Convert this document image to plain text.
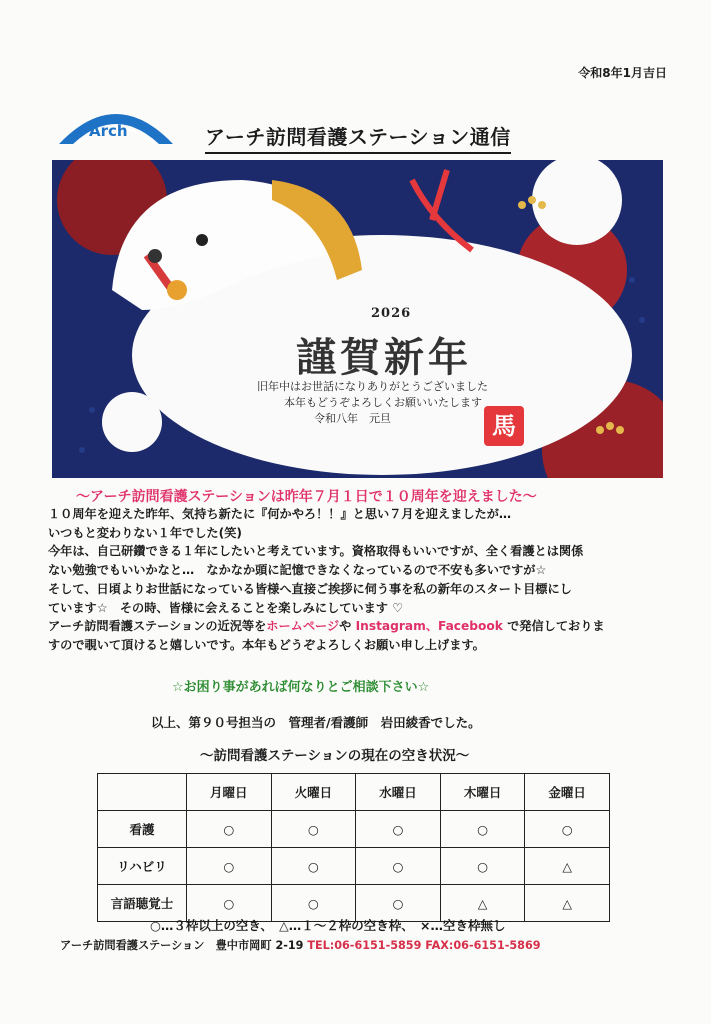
令和8年1月吉日
Arch	アーチ訪問看護ステーション通信
2026
謹賀新年
旧年中はお世話になりありがとうございました
本年もどうぞよろしくお願いいたします
令和八年　元旦	馬
～アーチ訪問看護ステーションは昨年７月１日で１０周年を迎えました～

１０周年を迎えた昨年、気持ち新たに『何かやろ！！』と思い７月を迎えましたが…

いつもと変わりない１年でした(笑)

今年は、自己研鑽できる１年にしたいと考えています。資格取得もいいですが、全く看護とは関係

ない勉強でもいいかなと…　なかなか頭に記憶できなくなっているので不安も多いですが☆

そして、日頃よりお世話になっている皆様へ直接ご挨拶に伺う事を私の新年のスタート目標にし

ています☆　その時、皆様に会えることを楽しみにしています ♡

アーチ訪問看護ステーションの近況等をホームページや Instagram、Facebook で発信しておりま

すので覗いて頂けると嬉しいです。本年もどうぞよろしくお願い申し上げます。

☆お困り事があれば何なりとご相談下さい☆
以上、第９０号担当の　管理者/看護師　岩田綾香でした。
～訪問看護ステーションの現在の空き状況～
	月曜日	火曜日	水曜日	木曜日	金曜日
看護	○	○	○	○	○
リハビリ	○	○	○	○	△
言語聴覚士	○	○	○	△	△
○…３枠以上の空き、　△…１～２枠の空き枠、　×…空き枠無し
アーチ訪問看護ステーション　豊中市岡町 2-19 TEL:06-6151-5859 FAX:06-6151-5869
